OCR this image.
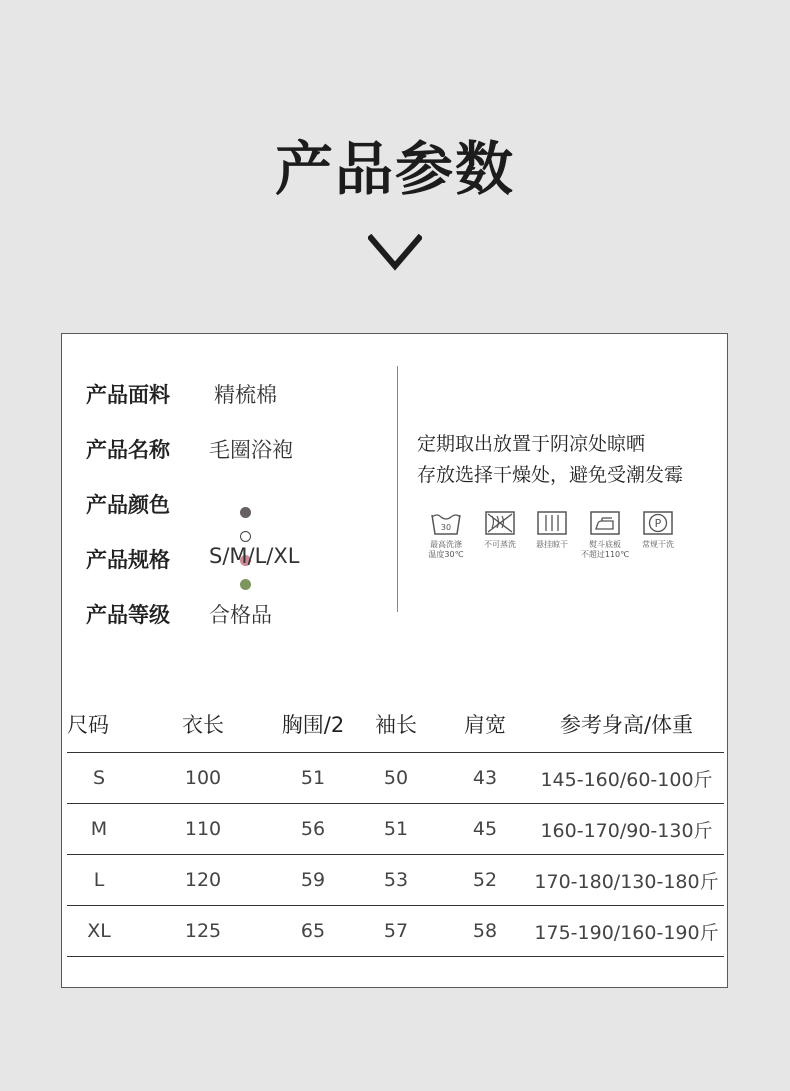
产品参数
产品面料 精梳棉
产品名称 毛圈浴袍
产品颜色

产品规格 S/M/L/XL
产品等级 合格品
定期取出放置于阴凉处晾晒
存放选择干燥处，避免受潮发霉
30
最高洗涤
温度30℃
不可蒸洗	悬挂晾干	熨斗底板
不超过110℃
P
常规干洗
尺码	衣长	胸围/2	袖长	肩宽	参考身高/体重
S	100	51	50	43	145-160/60-100斤
M	110	56	51	45	160-170/90-130斤
L	120	59	53	52	170-180/130-180斤
XL	125	65	57	58	175-190/160-190斤
